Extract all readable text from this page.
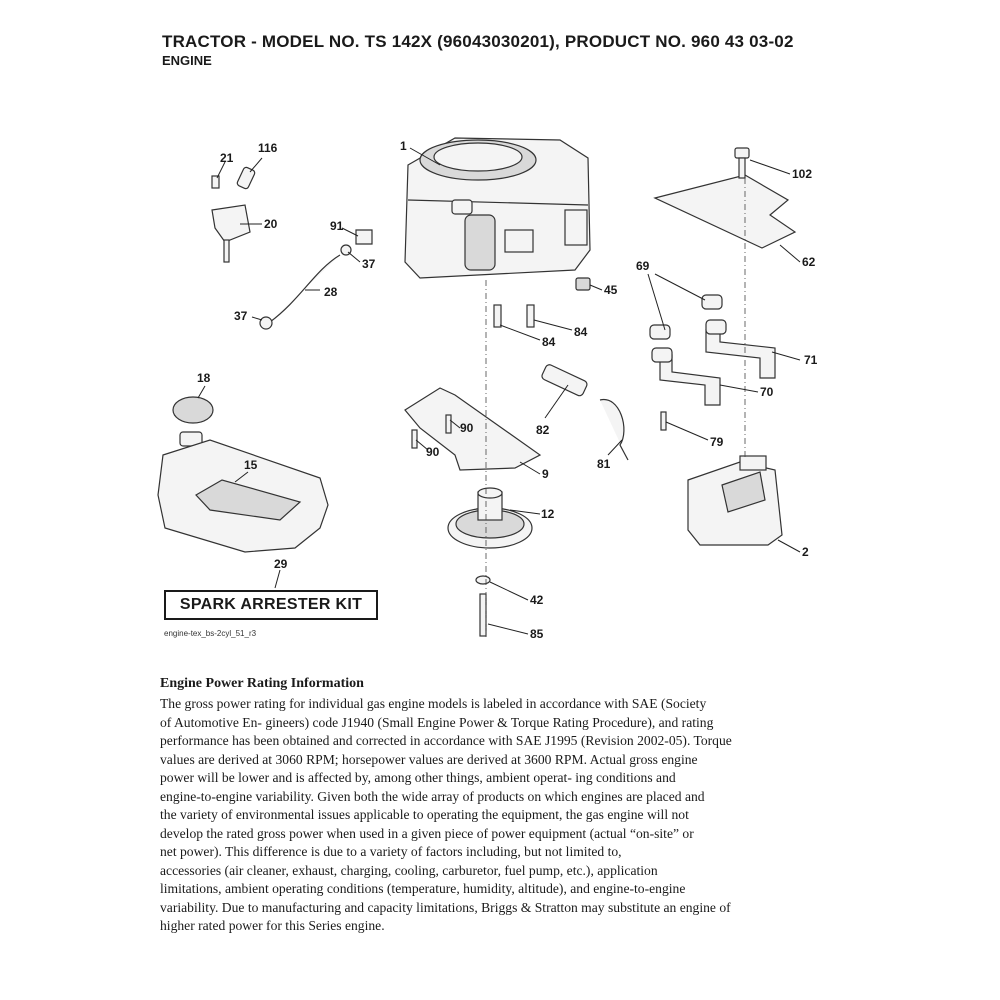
TRACTOR - MODEL NO. TS 142X (96043030201), PRODUCT NO. 960 43 03-02
ENGINE
1
21
116
20	91
37
28
37
45
84
84
102
62
69
71
70
18
15
90
90
82
9
81
79
12
2
29
42
85
SPARK ARRESTER KIT
engine-tex_bs-2cyl_51_r3
Engine Power Rating Information
The gross power rating for individual gas engine models is labeled in accordance with SAE (Society
of Automotive En- gineers) code J1940 (Small Engine Power & Torque Rating Procedure), and rating
performance has been obtained and corrected in accordance with SAE J1995 (Revision 2002-05). Torque
values are derived at 3060 RPM; horsepower values are derived at 3600 RPM. Actual gross engine
power will be lower and is affected by, among other things, ambient operat- ing conditions and
engine-to-engine variability. Given both the wide array of products on which engines are placed and
the variety of environmental issues applicable to operating the equipment, the gas engine will not
develop the rated gross power when used in a given piece of power equipment (actual “on-site” or
net power). This difference is due to a variety of factors including, but not limited to,
accessories (air cleaner, exhaust, charging, cooling, carburetor, fuel pump, etc.), application
limitations, ambient operating conditions (temperature, humidity, altitude), and engine-to-engine
variability. Due to manufacturing and capacity limitations, Briggs & Stratton may substitute an engine of
higher rated power for this Series engine.
